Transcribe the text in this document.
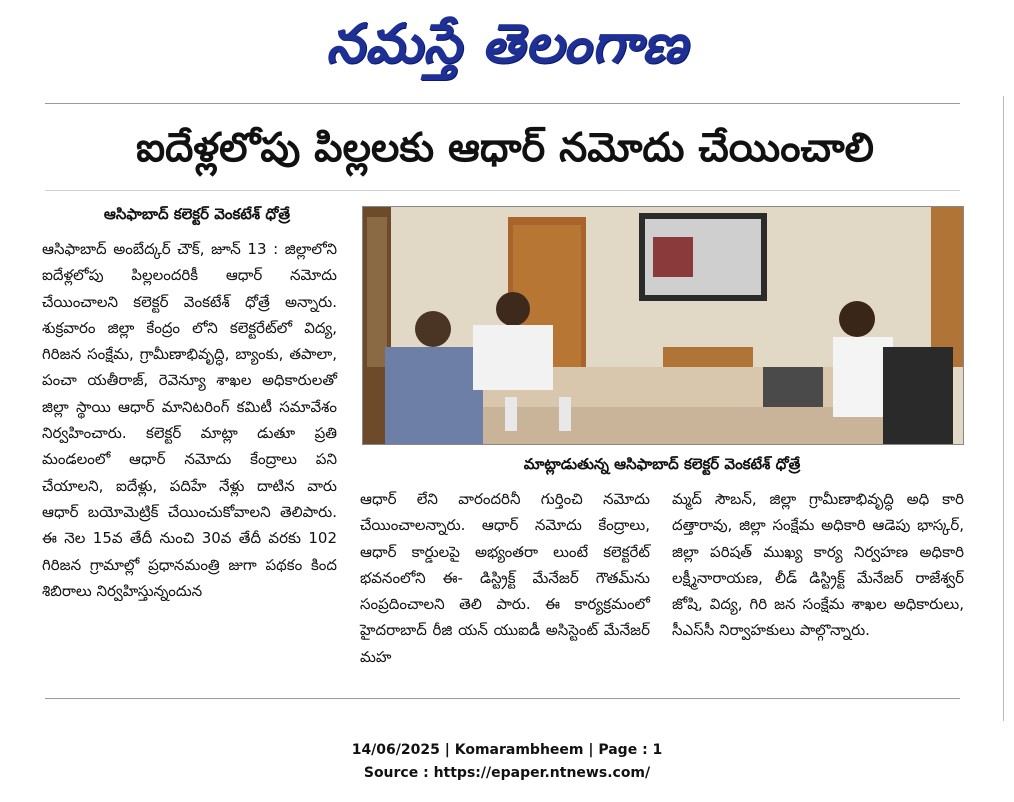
నమస్తే తెలంగాణ
ఐదేళ్లలోపు పిల్లలకు ఆధార్ నమోదు చేయించాలి
ఆసిఫాబాద్ కలెక్టర్ వెంకటేశ్ ధోత్రే
ఆసిఫాబాద్ అంబేద్కర్ చౌక్, జూన్ 13 : జిల్లాలోని ఐదేళ్లలోపు పిల్లలందరికీ ఆధార్ నమోదు చేయించాలని కలెక్టర్ వెంకటేశ్ ధోత్రే అన్నారు. శుక్రవారం జిల్లా కేంద్రం లోని కలెక్టరేట్‌లో విద్య, గిరిజన సంక్షేమ, గ్రామీణాభివృద్ధి, బ్యాంకు, తపాలా, పంచా యతీరాజ్, రెవెన్యూ శాఖల అధికారులతో జిల్లా స్థాయి ఆధార్ మానిటరింగ్ కమిటీ సమావేశం నిర్వహించారు. కలెక్టర్ మాట్లా డుతూ ప్రతి మండలంలో ఆధార్ నమోదు కేంద్రాలు పని చేయాలని, ఐదేళ్లు, పదిహే నేళ్లు దాటిన వారు ఆధార్ బయోమెట్రిక్ చేయించుకోవాలని తెలిపారు. ఈ నెల 15వ తేదీ నుంచి 30వ తేదీ వరకు 102 గిరిజన గ్రామాల్లో ప్రధానమంత్రి జుగా పథకం కింద శిబిరాలు నిర్వహిస్తున్నందున
మాట్లాడుతున్న ఆసిఫాబాద్ కలెక్టర్ వెంకటేశ్ ధోత్రే
ఆధార్ లేని వారందరినీ గుర్తించి నమోదు చేయించాలన్నారు. ఆధార్ నమోదు కేంద్రాలు, ఆధార్ కార్డులపై అభ్యంతరా లుంటే కలెక్టరేట్ భవనంలోని ఈ- డిస్ట్రిక్ట్ మేనేజర్ గౌతమ్‌ను సంప్రదించాలని తెలి పారు. ఈ కార్యక్రమంలో హైదరాబాద్ రీజి యన్ యుఐడీ అసిస్టెంట్ మేనేజర్ మహ
మ్మద్ సౌబన్, జిల్లా గ్రామీణాభివృద్ధి అధి కారి దత్తారావు, జిల్లా సంక్షేమ అధికారి ఆడెపు భాస్కర్, జిల్లా పరిషత్ ముఖ్య కార్య నిర్వహణ అధికారి లక్ష్మీనారాయణ, లీడ్ డిస్ట్రిక్ట్ మేనేజర్ రాజేశ్వర్ జోషి, విద్య, గిరి జన సంక్షేమ శాఖల అధికారులు, సీఎస్‌సీ నిర్వాహకులు పాల్గొన్నారు.
14/06/2025 | Komarambheem | Page : 1
Source : https://epaper.ntnews.com/
